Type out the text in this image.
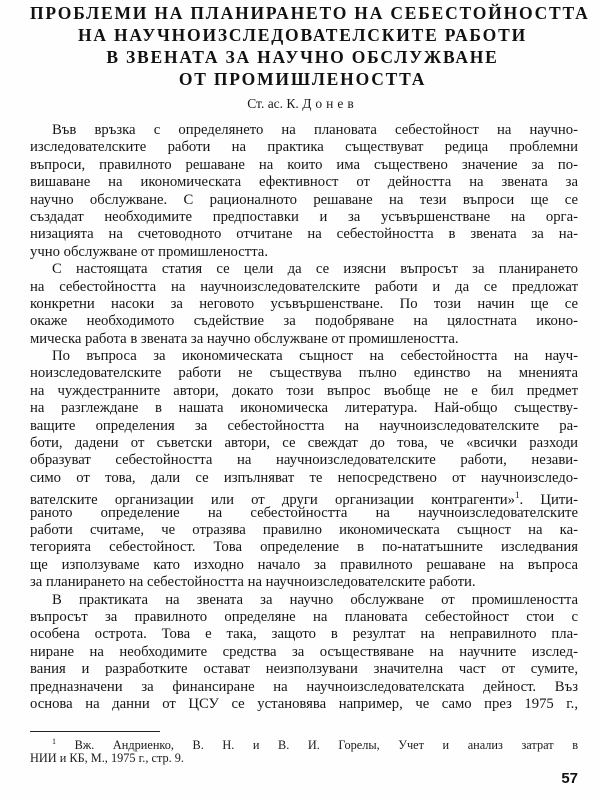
ПРОБЛЕМИ НА ПЛАНИРАНЕТО НА СЕБЕСТОЙНОСТТА
НА НАУЧНОИЗСЛЕДОВАТЕЛСКИТЕ РАБОТИ
В ЗВЕНАТА ЗА НАУЧНО ОБСЛУЖВАНЕ
ОТ ПРОМИШЛЕНОСТТА
Ст. ас. К. Донев
Във връзка с определянето на плановата себестойност на научно-
изследователските работи на практика съществуват редица проблемни
въпроси, правилното решаване на които има съществено значение за по-
вишаване на икономическата ефективност от дейността на звената за
научно обслужване. С рационалното решаване на тези въпроси ще се
създадат необходимите предпоставки и за усъвършенстване на орга-
низацията на счетоводното отчитане на себестойността в звената за на-
учно обслужване от промишлеността.
С настоящата статия се цели да се изясни въпросът за планирането
на себестойността на научноизследователските работи и да се предложат
конкретни насоки за неговото усъвършенстване. По този начин ще се
окаже необходимото съдействие за подобряване на цялостната иконо-
мическа работа в звената за научно обслужване от промишлеността.
По въпроса за икономическата същност на себестойността на науч-
ноизследователските работи не съществува пълно единство на мненията
на чуждестранните автори, докато този въпрос въобще не е бил предмет
на разглеждане в нашата икономическа литература. Най-общо съществу-
ващите определения за себестойността на научноизследователските ра-
боти, дадени от съветски автори, се свеждат до това, че «всички разходи
образуват себестойността на научноизследователските работи, незави-
симо от това, дали се изпълняват те непосредствено от научноизследо-
вателските организации или от други организации контрагенти»$^1$. Цити-
раното определение на себестойността на научноизследователските
работи считаме, че отразява правилно икономическата същност на ка-
тегорията себестойност. Това определение в по-нататъшните изследвания
ще използуваме като изходно начало за правилното решаване на въпроса
за планирането на себестойността на научноизследователските работи.
В практиката на звената за научно обслужване от промишлеността
въпросът за правилното определяне на плановата себестойност стои с
особена острота. Това е така, защото в резултат на неправилното пла-
ниране на необходимите средства за осъществяване на научните изслед-
вания и разработките остават неизползувани значителна част от сумите,
предназначени за финансиране на научноизследователската дейност. Въз
основа на данни от ЦСУ се установява например, че само през 1975 г.,
$^1$ Вж. Андриенко, В. Н. и В. И. Горелы, Учет и анализ затрат в
НИИ и КБ, М., 1975 г., стр. 9.
57
